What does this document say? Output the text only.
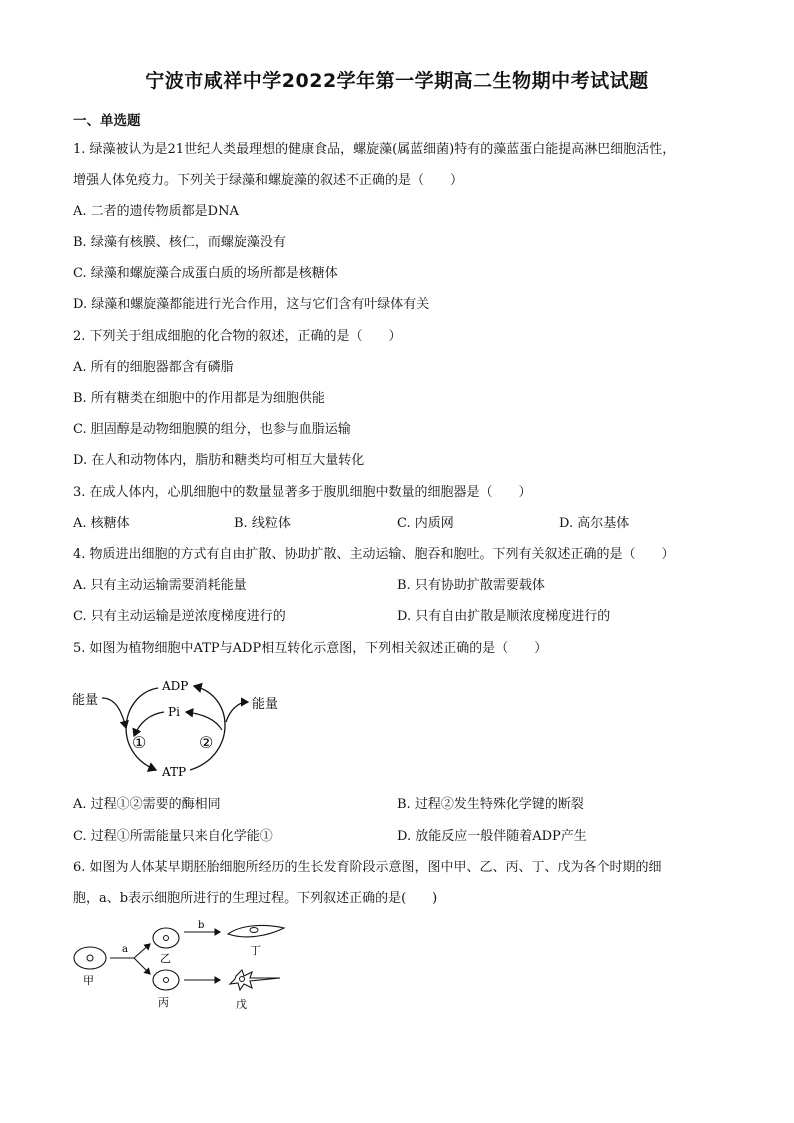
宁波市咸祥中学2022学年第一学期高二生物期中考试试题
一、单选题
1. 绿藻被认为是21世纪人类最理想的健康食品，螺旋藻(属蓝细菌)特有的藻蓝蛋白能提高淋巴细胞活性，
增强人体免疫力。下列关于绿藻和螺旋藻的叙述不正确的是（　　）
A. 二者的遗传物质都是DNA
B. 绿藻有核膜、核仁，而螺旋藻没有
C. 绿藻和螺旋藻合成蛋白质的场所都是核糖体
D. 绿藻和螺旋藻都能进行光合作用，这与它们含有叶绿体有关
2. 下列关于组成细胞的化合物的叙述，正确的是（　　）
A. 所有的细胞器都含有磷脂
B. 所有糖类在细胞中的作用都是为细胞供能
C. 胆固醇是动物细胞膜的组分，也参与血脂运输
D. 在人和动物体内，脂肪和糖类均可相互大量转化
3. 在成人体内，心肌细胞中的数量显著多于腹肌细胞中数量的细胞器是（　　）
A. 核糖体	B. 线粒体	C. 内质网	D. 高尔基体
4. 物质进出细胞的方式有自由扩散、协助扩散、主动运输、胞吞和胞吐。下列有关叙述正确的是（　　）
A. 只有主动运输需要消耗能量	B. 只有协助扩散需要载体
C. 只有主动运输是逆浓度梯度进行的	D. 只有自由扩散是顺浓度梯度进行的
5. 如图为植物细胞中ATP与ADP相互转化示意图，下列相关叙述正确的是（　　）
ADP
Pi
ATP
能量	能量
①	②
A. 过程①②需要的酶相同	B. 过程②发生特殊化学键的断裂
C. 过程①所需能量只来自化学能①	D. 放能反应一般伴随着ADP产生
6. 如图为人体某早期胚胎细胞所经历的生长发育阶段示意图，图中甲、乙、丙、丁、戊为各个时期的细
胞，a、b表示细胞所进行的生理过程。下列叙述正确的是(　　)
甲
a
乙
丙
b
丁
戊
